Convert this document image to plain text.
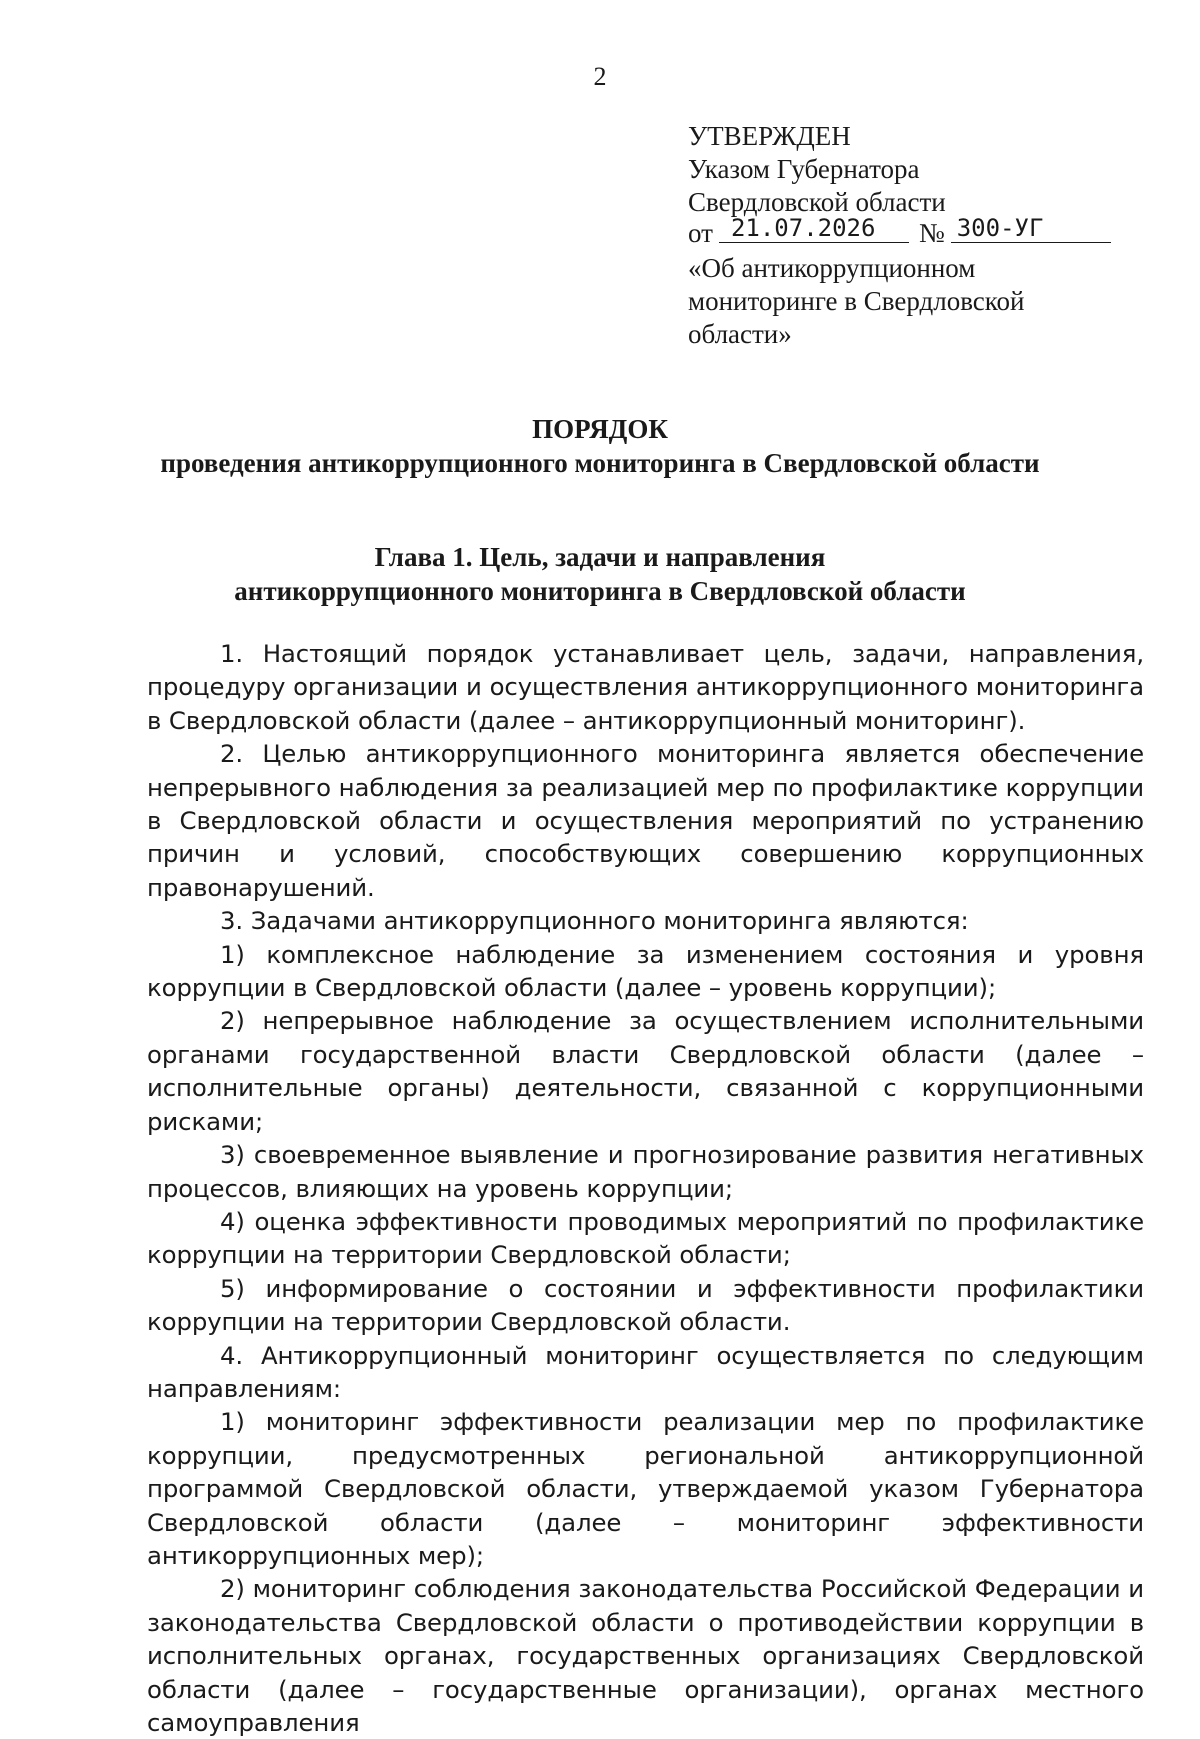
2
УТВЕРЖДЕН
Указом Губернатора
Свердловской области
от 21.07.2026	№ 300-УГ
«Об антикоррупционном
мониторинге в Свердловской
области»
ПОРЯДОК
проведения антикоррупционного мониторинга в Свердловской области
Глава 1. Цель, задачи и направления
антикоррупционного мониторинга в Свердловской области

1. Настоящий порядок устанавливает цель, задачи, направления, процедуру организации и осуществления антикоррупционного мониторинга в Свердловской области (далее – антикоррупционный мониторинг).

2. Целью антикоррупционного мониторинга является обеспечение непрерывного наблюдения за реализацией мер по профилактике коррупции в Свердловской области и осуществления мероприятий по устранению причин и условий, способствующих совершению коррупционных правонарушений.

3. Задачами антикоррупционного мониторинга являются:

1) комплексное наблюдение за изменением состояния и уровня коррупции в Свердловской области (далее – уровень коррупции);

2) непрерывное наблюдение за осуществлением исполнительными органами государственной власти Свердловской области (далее – исполнительные органы) деятельности, связанной с коррупционными рисками;

3) своевременное выявление и прогнозирование развития негативных процессов, влияющих на уровень коррупции;

4) оценка эффективности проводимых мероприятий по профилактике коррупции на территории Свердловской области;

5) информирование о состоянии и эффективности профилактики коррупции на территории Свердловской области.

4. Антикоррупционный мониторинг осуществляется по следующим направлениям:

1) мониторинг эффективности реализации мер по профилактике коррупции, предусмотренных региональной антикоррупционной программой Свердловской области, утверждаемой указом Губернатора Свердловской области (далее – мониторинг эффективности антикоррупционных мер);

2) мониторинг соблюдения законодательства Российской Федерации и законодательства Свердловской области о противодействии коррупции в исполнительных органах, государственных организациях Свердловской области (далее – государственные организации), органах местного самоуправления
